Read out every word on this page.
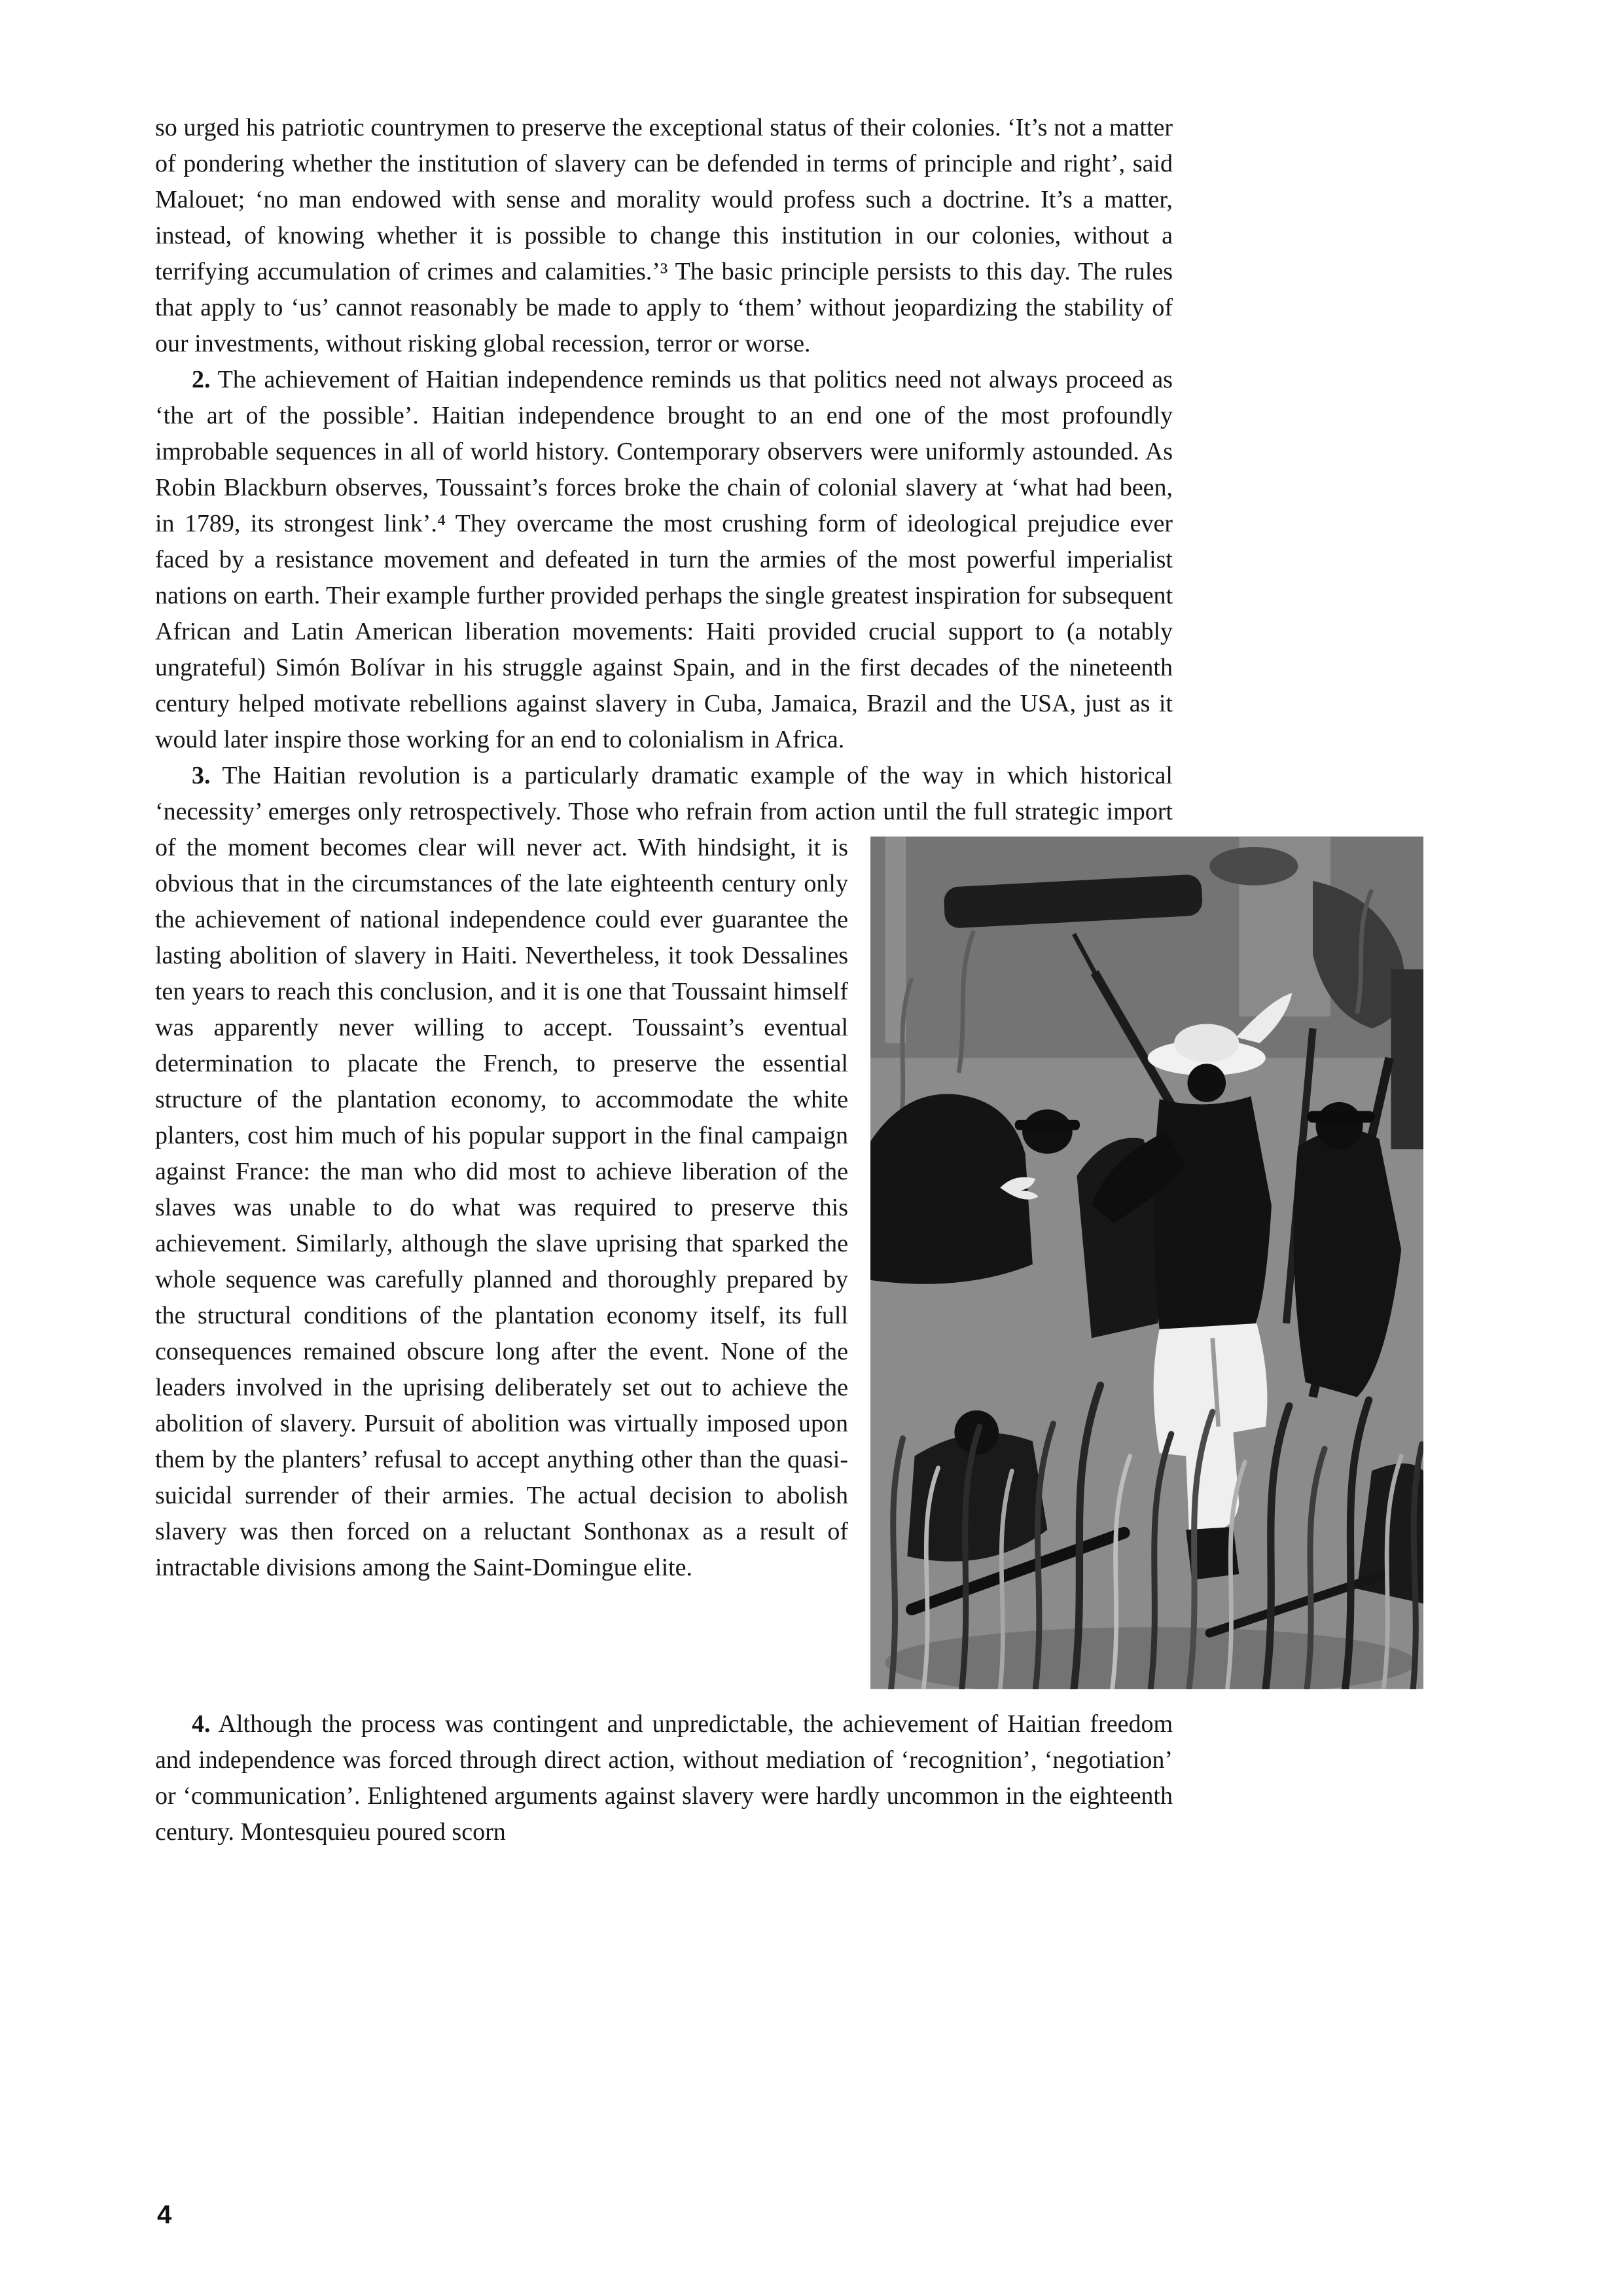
so urged his patriotic countrymen to preserve the exceptional status of their colonies. ‘It’s not a matter of pondering whether the institution of slavery can be defended in terms of principle and right’, said Malouet; ‘no man endowed with sense and morality would profess such a doctrine. It’s a matter, instead, of knowing whether it is possible to change this institution in our colonies, without a terrifying accumulation of crimes and calamities.’³ The basic principle persists to this day. The rules that apply to ‘us’ cannot reasonably be made to apply to ‘them’ without jeopardizing the stability of our investments, without risking global recession, terror or worse.

2. The achievement of Haitian independence reminds us that politics need not always proceed as ‘the art of the possible’. Haitian independence brought to an end one of the most profoundly improbable sequences in all of world history. Contemporary observers were uniformly astounded. As Robin Blackburn observes, Toussaint’s forces broke the chain of colonial slavery at ‘what had been, in 1789, its strongest link’.⁴ They overcame the most crushing form of ideological prejudice ever faced by a resistance movement and defeated in turn the armies of the most powerful imperialist nations on earth. Their example further provided perhaps the single greatest inspiration for subsequent African and Latin American liberation movements: Haiti provided crucial support to (a notably ungrateful) Simón Bolívar in his struggle against Spain, and in the first decades of the nineteenth century helped motivate rebellions against slavery in Cuba, Jamaica, Brazil and the USA, just as it would later inspire those working for an end to colonialism in Africa.

3. The Haitian revolution is a particularly dramatic example of the way in which historical ‘necessity’ emerges only retrospectively. Those who refrain from action until the full strategic import of the moment becomes clear will never act. With hindsight, it is obvious that in the circumstances of the late eighteenth century only the achievement of national independence could ever guarantee the lasting abolition of slavery in Haiti. Nevertheless, it took Dessalines ten years to reach this conclusion, and it is one that Toussaint himself was apparently never willing to accept. Toussaint’s eventual determination to placate the French, to preserve the essential structure of the plantation economy, to accommodate the white planters, cost him much of his popular support in the final campaign against France: the man who did most to achieve liberation of the slaves was unable to do what was required to preserve this achievement. Similarly, although the slave uprising that sparked the whole sequence was carefully planned and thoroughly prepared by the structural conditions of the plantation economy itself, its full consequences remained obscure long after the event. None of the leaders involved in the uprising deliberately set out to achieve the abolition of slavery. Pursuit of abolition was virtually imposed upon them by the planters’ refusal to accept anything other than the quasi-suicidal surrender of their armies. The actual decision to abolish slavery was then forced on a reluctant Sonthonax as a result of intractable divisions among the Saint-Domingue elite.

4. Although the process was contingent and unpredictable, the achievement of Haitian freedom and independence was forced through direct action, without mediation of ‘recognition’, ‘negotiation’ or ‘communication’. Enlightened arguments against slavery were hardly uncommon in the eighteenth century. Montesquieu poured scorn

4
